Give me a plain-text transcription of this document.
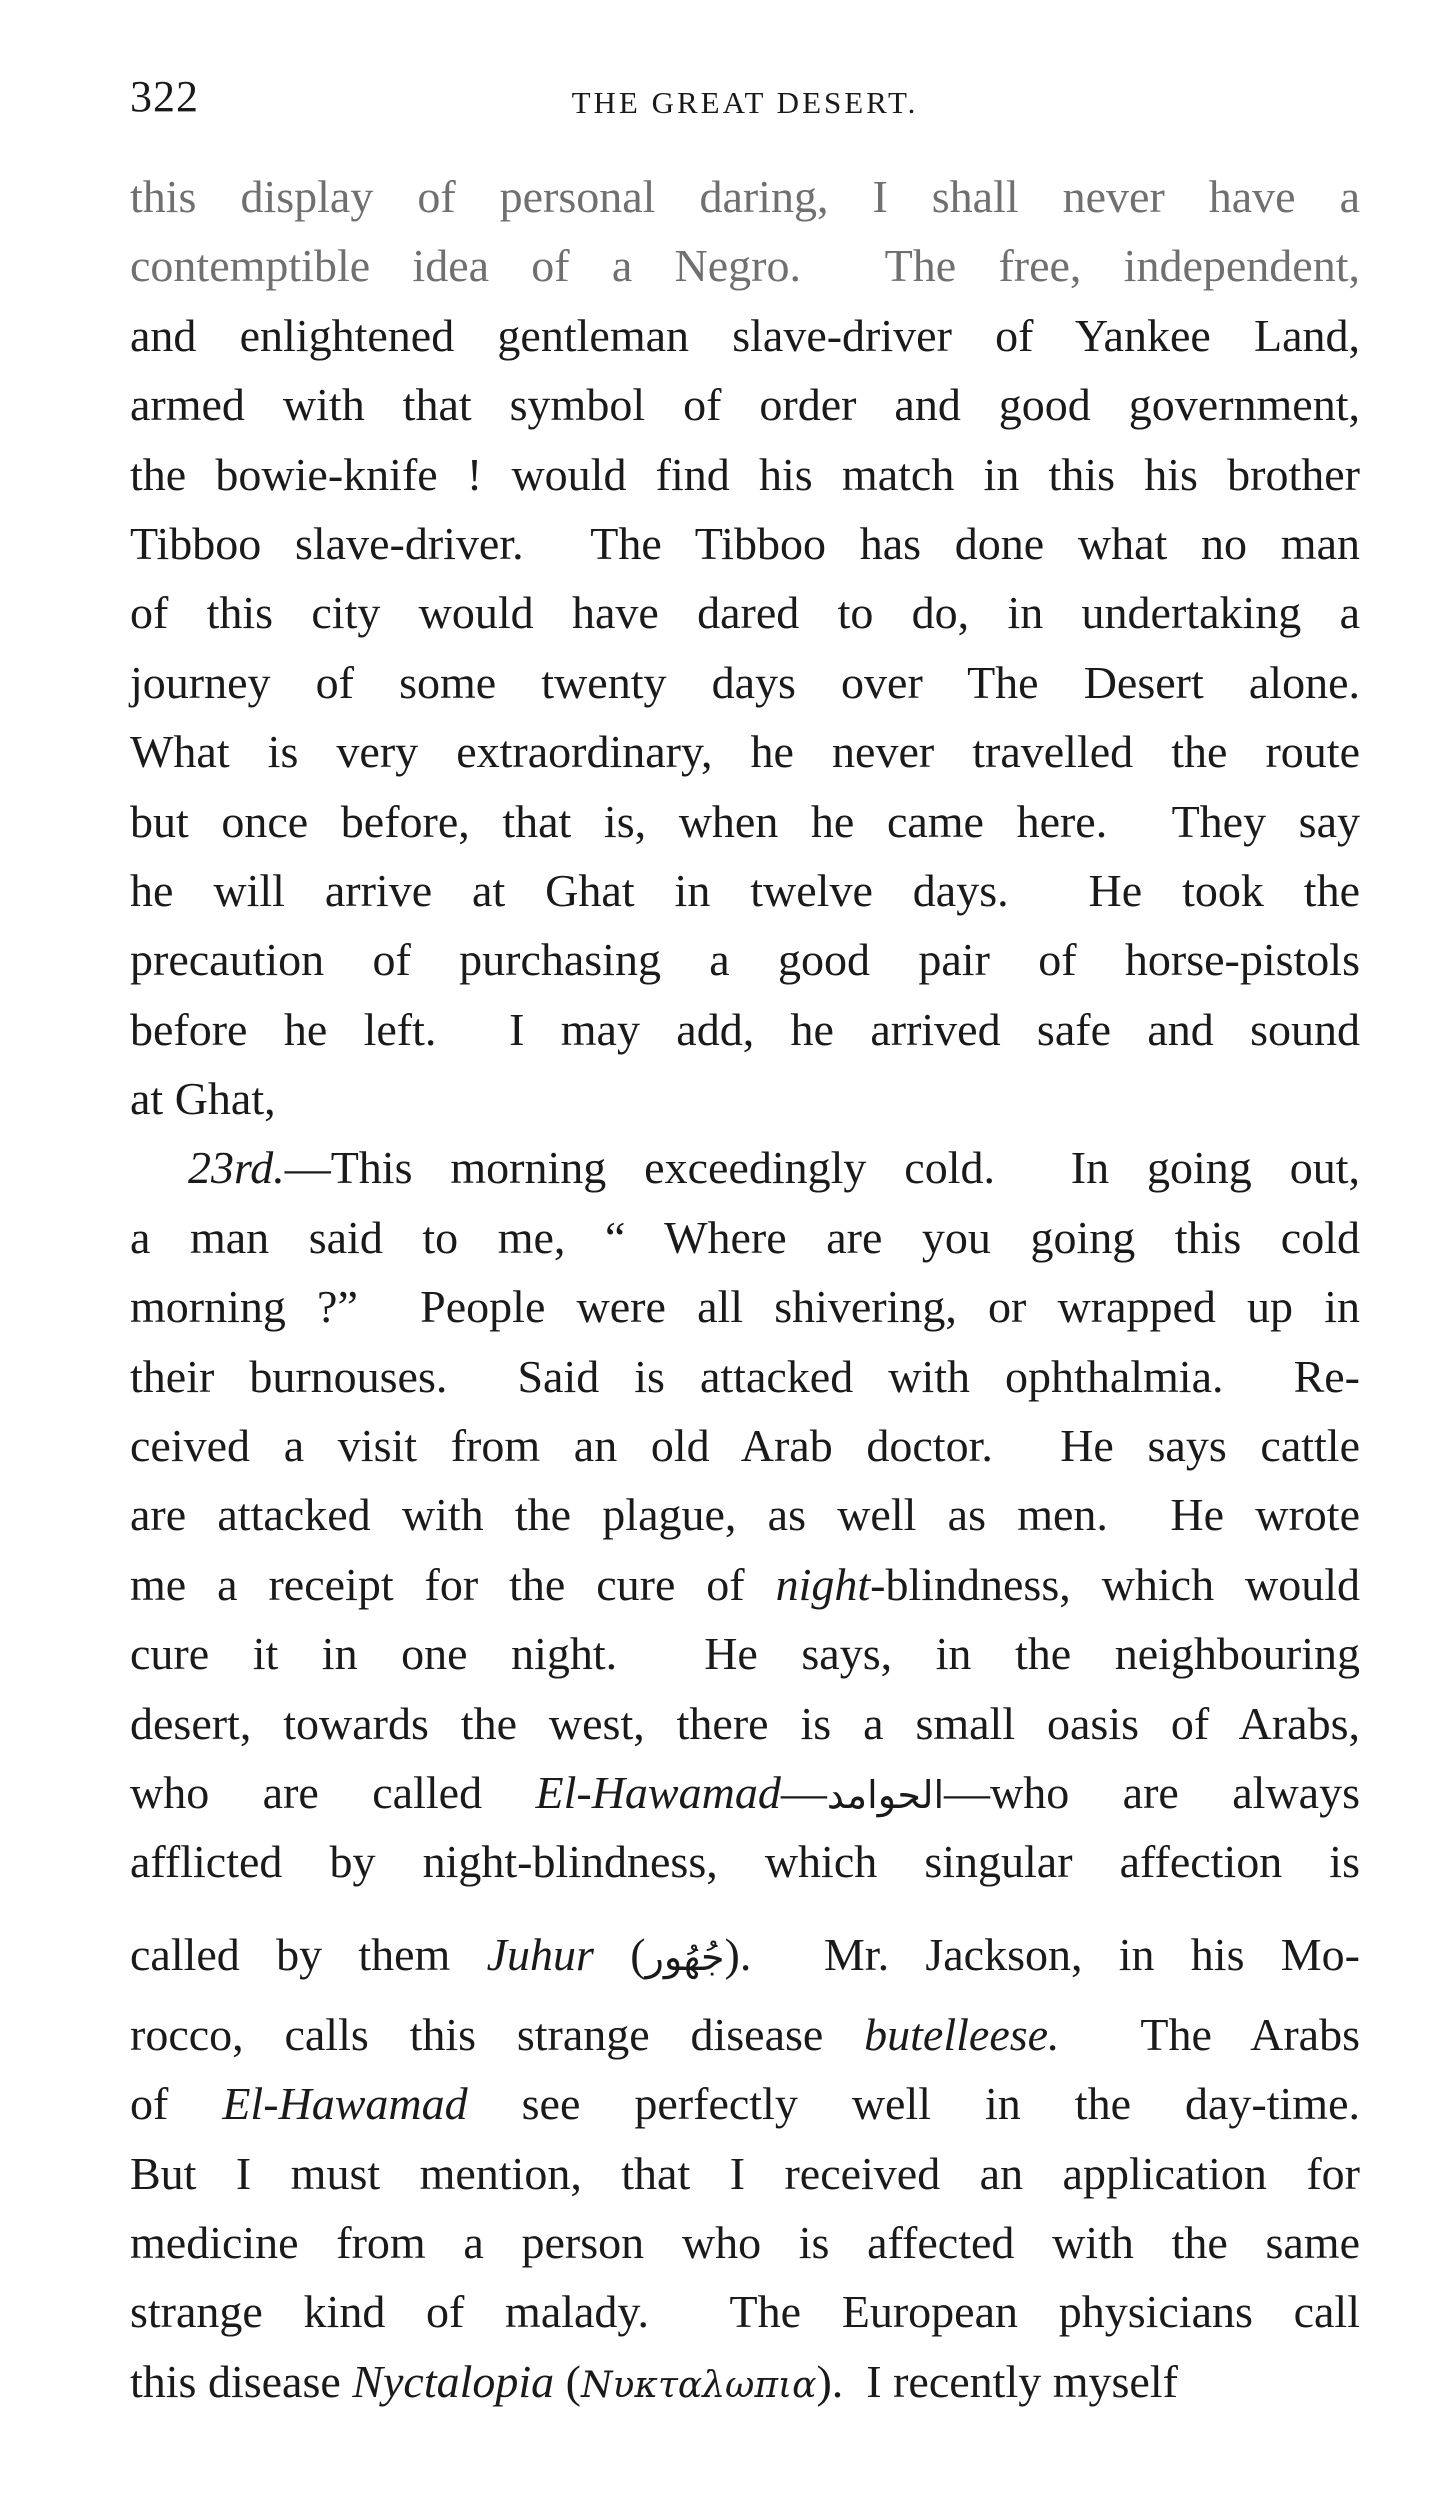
322	THE GREAT DESERT.
this display of personal daring, I shall never have a
contemptible idea of a Negro.  The free, independent,
and enlightened gentleman slave-driver of Yankee Land,
armed with that symbol of order and good government,
the bowie-knife ! would find his match in this his brother
Tibboo slave-driver.  The Tibboo has done what no man
of this city would have dared to do, in undertaking a
journey of some twenty days over The Desert alone.
What is very extraordinary, he never travelled the route
but once before, that is, when he came here.  They say
he will arrive at Ghat in twelve days.  He took the
precaution of purchasing a good pair of horse-pistols
before he left.  I may add, he arrived safe and sound
at Ghat,
23rd.—This morning exceedingly cold.  In going out,
a man said to me, “ Where are you going this cold
morning ?”  People were all shivering, or wrapped up in
their burnouses.  Said is attacked with ophthalmia.  Re-
ceived a visit from an old Arab doctor.  He says cattle
are attacked with the plague, as well as men.  He wrote
me a receipt for the cure of night-blindness, which would
cure it in one night.  He says, in the neighbouring
desert, towards the west, there is a small oasis of Arabs,
who are called El-Hawamad—الحوامد—who are always
afflicted by night-blindness, which singular affection is
called by them Juhur (جُهُور).  Mr. Jackson, in his Mo-
rocco, calls this strange disease butelleese.  The Arabs
of El-Hawamad see perfectly well in the day-time.
But I must mention, that I received an application for
medicine from a person who is affected with the same
strange kind of malady.  The European physicians call
this disease Nyctalopia (Νυκταλωπια).  I recently myself
